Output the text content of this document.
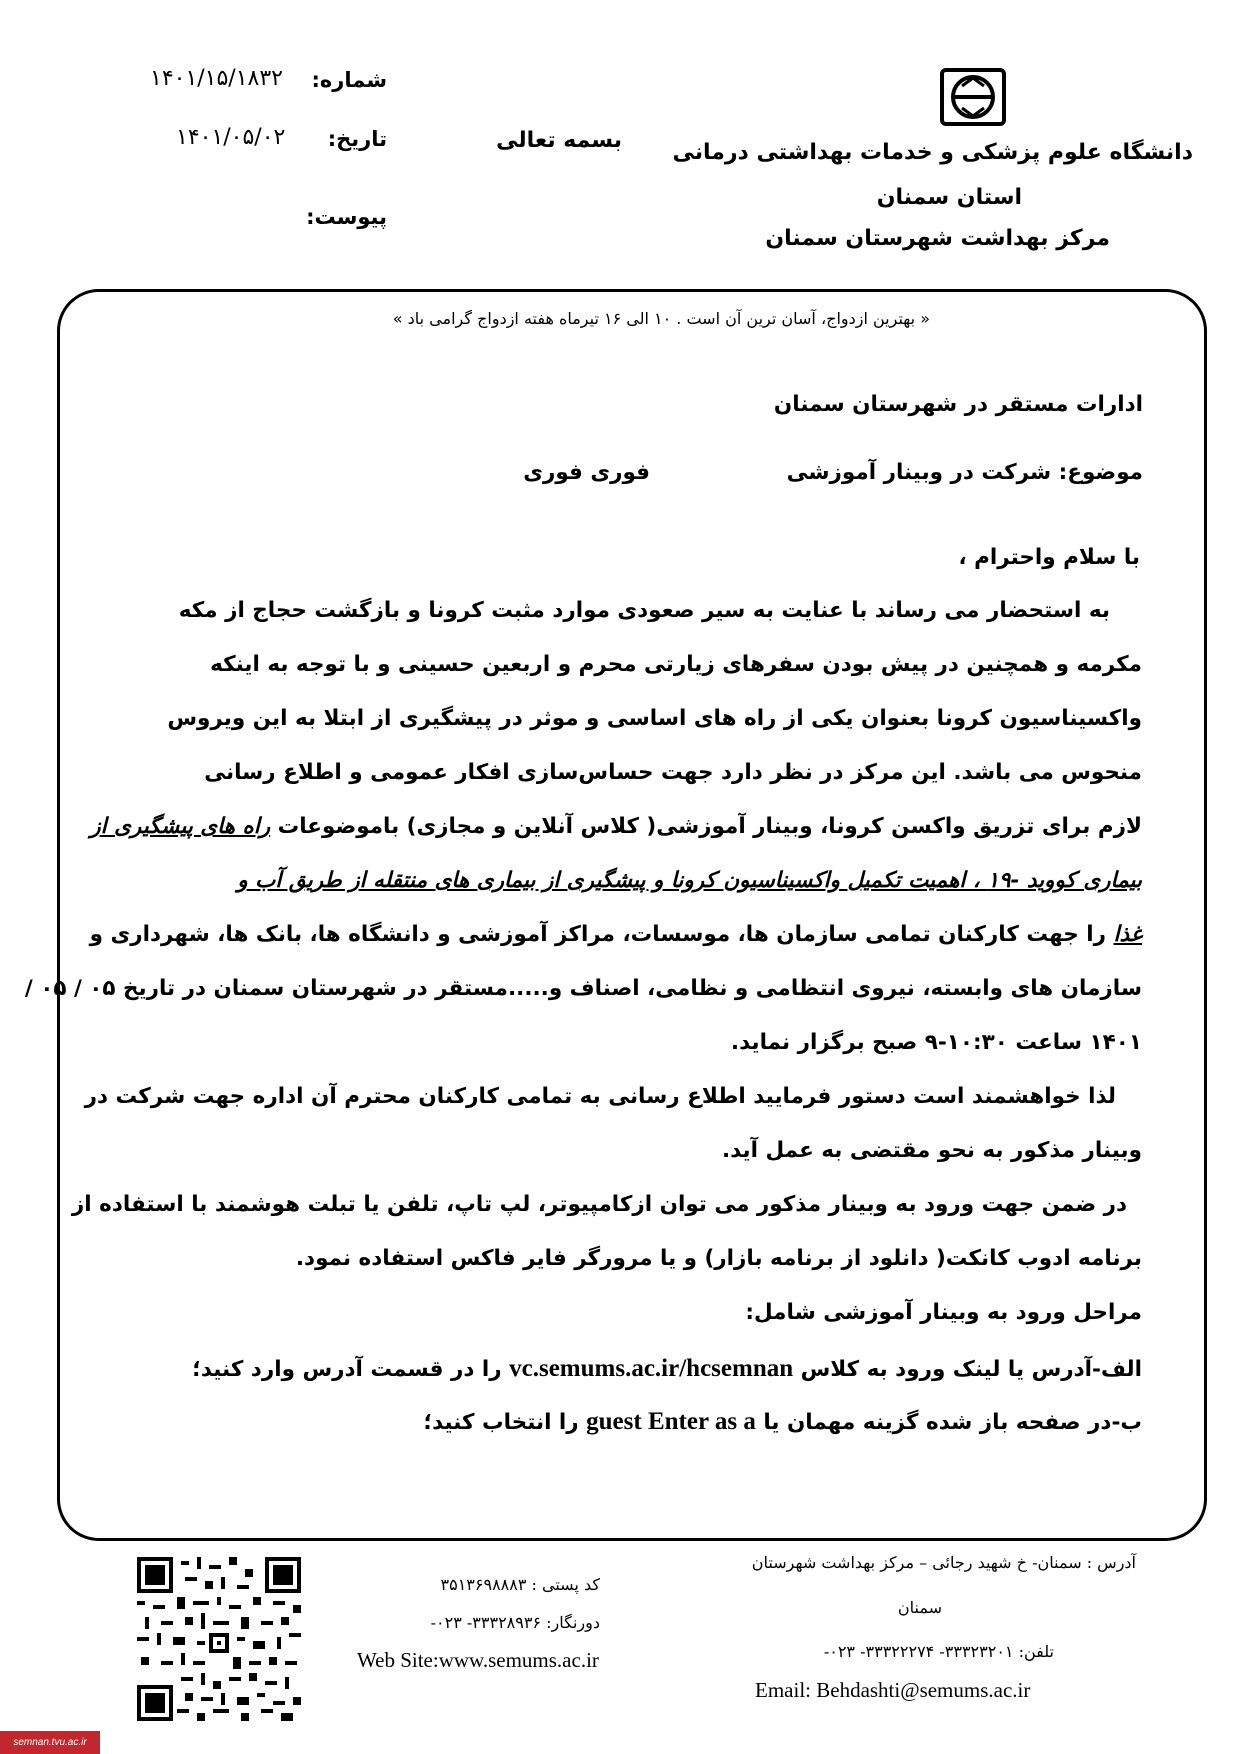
دانشگاه علوم پزشکی و خدمات بهداشتی درمانی
استان سمنان
مرکز بهداشت شهرستان سمنان
بسمه تعالی
شماره:
۱۴۰۱/۱۵/۱۸۳۲
تاریخ:
۱۴۰۱/۰۵/۰۲
پیوست:
« بهترین ازدواج، آسان ترین آن است . ۱۰ الی ۱۶ تیرماه هفته ازدواج گرامی باد »
ادارات مستقر در شهرستان سمنان
موضوع: شرکت در وبینار آموزشی
فوری فوری
با سلام واحترام ،
به استحضار می رساند با عنایت به سیر صعودی موارد مثبت کرونا و بازگشت حجاج از مکه
مکرمه و همچنین در پیش بودن سفرهای زیارتی محرم و اربعین حسینی و با توجه به اینکه
واکسیناسیون کرونا بعنوان یکی از راه های اساسی و موثر در پیشگیری از ابتلا به این ویروس
منحوس می باشد. این مرکز در نظر دارد جهت حساس‌سازی افکار عمومی و اطلاع رسانی
لازم برای تزریق واکسن کرونا، وبینار آموزشی( کلاس آنلاین و مجازی) باموضوعات راه های پیشگیری از
بیماری کووید -۱۹ ، اهمیت تکمیل واکسیناسیون کرونا و پیشگیری از بیماری های منتقله از طریق آب و
غذا را جهت کارکنان تمامی سازمان ها، موسسات، مراکز آموزشی و دانشگاه ها، بانک ها، شهرداری و
سازمان های وابسته، نیروی انتظامی و نظامی، اصناف و.....مستقر در شهرستان سمنان در تاریخ ۰۵ / ۰۵ /
۱۴۰۱ ساعت ۱۰:۳۰-۹ صبح برگزار نماید.
لذا خواهشمند است دستور فرمایید اطلاع رسانی به تمامی کارکنان محترم آن اداره جهت شرکت در
وبینار مذکور به نحو مقتضی به عمل آید.
در ضمن جهت ورود به وبینار مذکور می توان ازکامپیوتر، لپ تاپ، تلفن یا تبلت هوشمند با استفاده از
برنامه ادوب کانکت( دانلود از برنامه بازار) و یا مرورگر فایر فاکس استفاده نمود.
مراحل ورود به وبینار آموزشی شامل:
الف-آدرس یا لینک ورود به کلاس vc.semums.ac.ir/hcsemnan را در قسمت آدرس وارد کنید؛
ب-در صفحه باز شده گزینه مهمان یا guest Enter as a را انتخاب کنید؛
آدرس : سمنان- خ شهید رجائی – مرکز بهداشت شهرستان
سمنان
تلفن: ۳۳۳۲۳۲۰۱- ۳۳۳۲۲۲۷۴- ۰۲۳-
Email: Behdashti@semums.ac.ir
کد پستی : ۳۵۱۳۶۹۸۸۸۳
دورنگار: ۳۳۳۲۸۹۳۶- ۰۲۳-
Web Site:www.semums.ac.ir
semnan.tvu.ac.ir
